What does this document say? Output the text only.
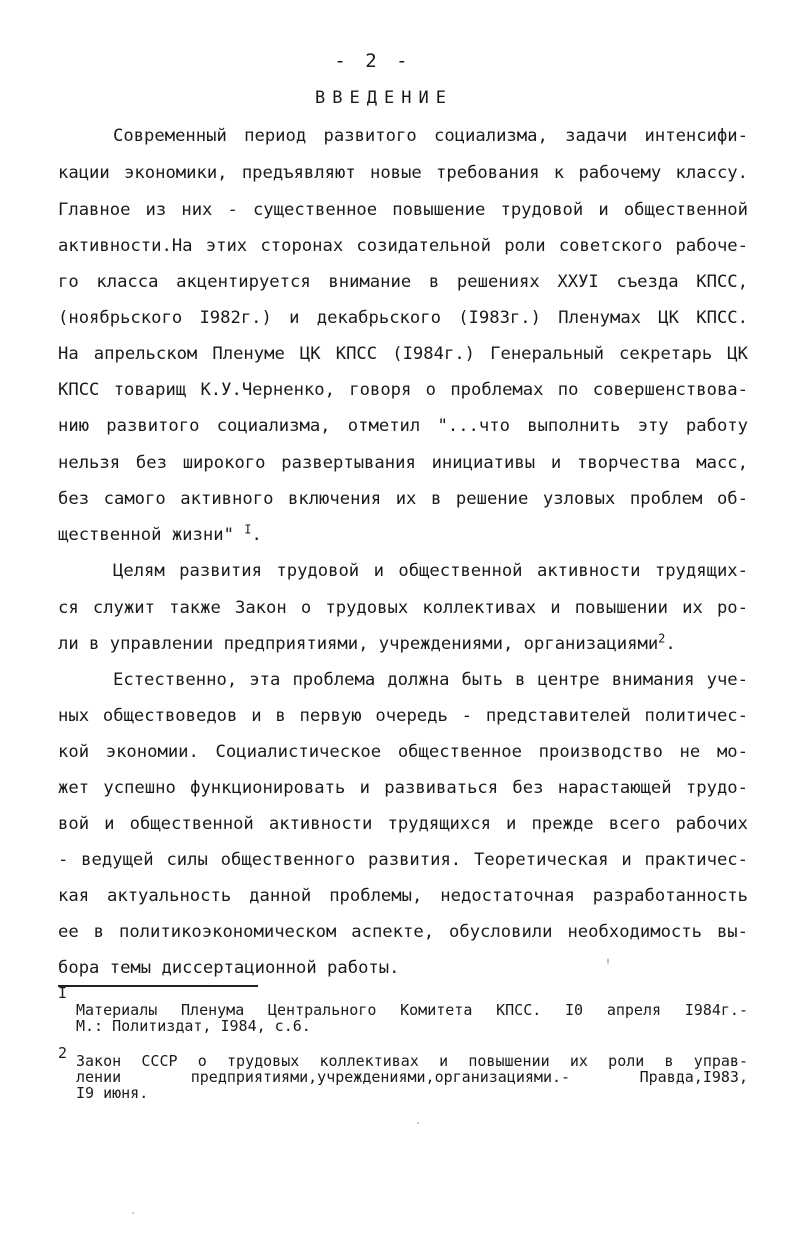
- 2 -
ВВЕДЕНИЕ
Современный период развитого социализма, задачи интенсифи-
кации экономики, предъявляют новые требования к рабочему классу.
Главное из них - существенное повышение трудовой и общественной
активности.На этих сторонах созидательной роли советского рабоче-
го класса акцентируется внимание в решениях ХХУI съезда КПСС,
(ноябрьского I982г.) и декабрьского (I983г.) Пленумах ЦК КПСС.
На апрельском Пленуме ЦК КПСС (I984г.) Генеральный секретарь ЦК
КПСС товарищ К.У.Черненко, говоря о проблемах по совершенствова-
нию развитого социализма, отметил "...что выполнить эту работу
нельзя без широкого развертывания инициативы и творчества масс,
без самого активного включения их в решение узловых проблем об-
щественной жизни" $^I$.
Целям развития трудовой и общественной активности трудящих-
ся служит также Закон о трудовых коллективах и повышении их ро-
ли в управлении предприятиями, учреждениями, организациями$^2$.
Естественно, эта проблема должна быть в центре внимания уче-
ных обществоведов и в первую очередь - представителей политичес-
кой экономии. Социалистическое общественное производство не мо-
жет успешно функционировать и развиваться без нарастающей трудо-
вой и общественной активности трудящихся и прежде всего рабочих
- ведущей силы общественного развития. Теоретическая и практичес-
кая актуальность данной проблемы, недостаточная разработанность
ее в политикоэкономическом аспекте, обусловили необходимость вы-
бора темы диссертационной работы.
I
Материалы Пленума Центрального Комитета КПСС. I0 апреля I984г.-
М.: Политиздат, I984, с.6.
2 Закон СССР о трудовых коллективах и повышении их роли в управ-
лении предприятиями,учреждениями,организациями.- Правда,I983,
I9 июня.
